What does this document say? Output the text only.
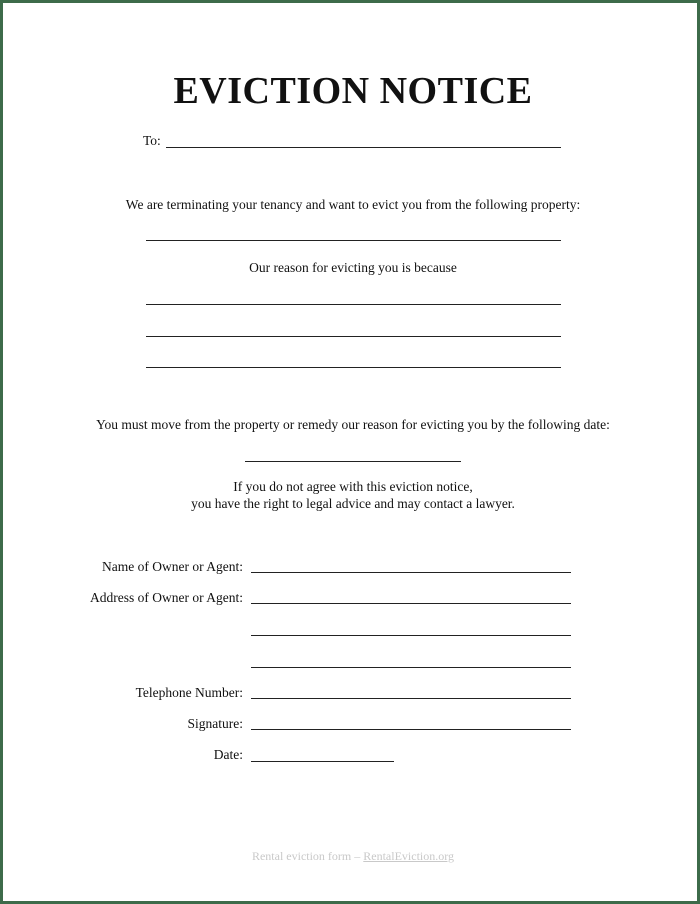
EVICTION NOTICE
To:
We are terminating your tenancy and want to evict you from the following property:
Our reason for evicting you is because
You must move from the property or remedy our reason for evicting you by the following date:
If you do not agree with this eviction notice,
you have the right to legal advice and may contact a lawyer.
Name of Owner or Agent:
Address of Owner or Agent:
Telephone Number:
Signature:
Date:
Rental eviction form – RentalEviction.org
